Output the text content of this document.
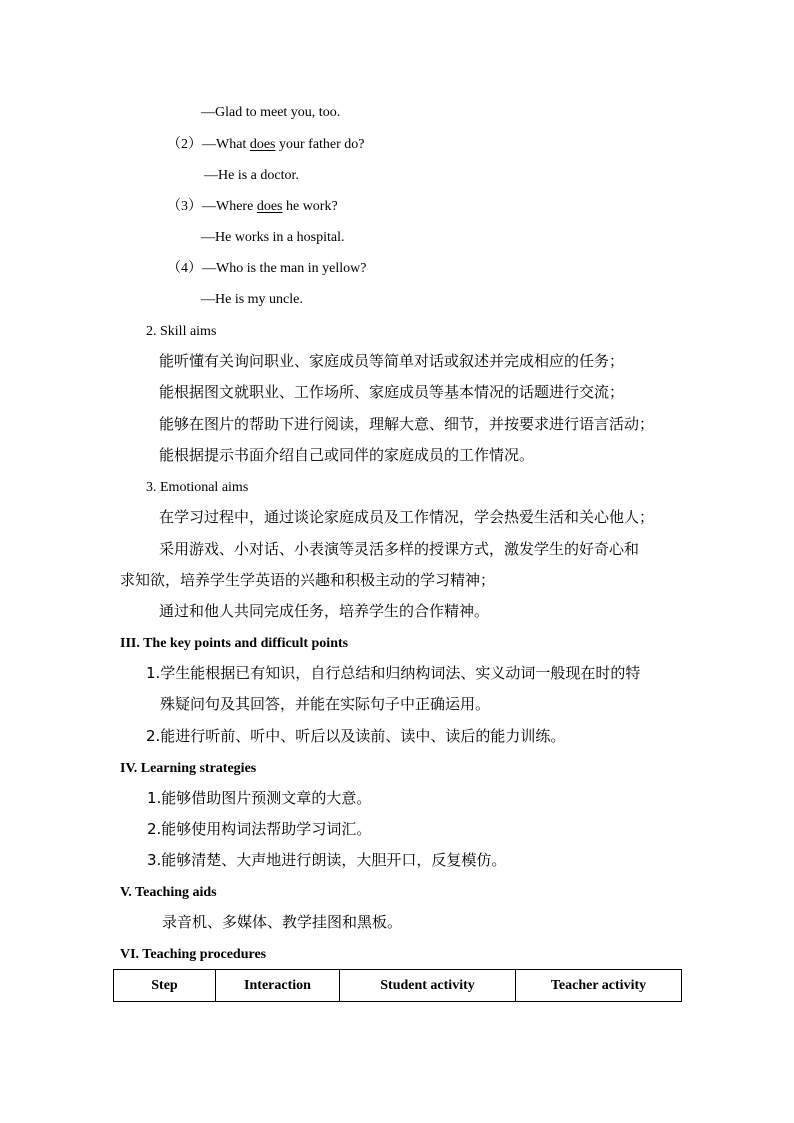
—Glad to meet you, too.
（2）—What does your father do?
—He is a doctor.
（3）—Where does he work?
—He works in a hospital.
（4）—Who is the man in yellow?
—He is my uncle.
2. Skill aims
能听懂有关询问职业、家庭成员等简单对话或叙述并完成相应的任务；
能根据图文就职业、工作场所、家庭成员等基本情况的话题进行交流；
能够在图片的帮助下进行阅读，理解大意、细节，并按要求进行语言活动；
能根据提示书面介绍自己或同伴的家庭成员的工作情况。
3. Emotional aims
在学习过程中，通过谈论家庭成员及工作情况，学会热爱生活和关心他人；
采用游戏、小对话、小表演等灵活多样的授课方式，激发学生的好奇心和
求知欲，培养学生学英语的兴趣和积极主动的学习精神；
通过和他人共同完成任务，培养学生的合作精神。
III. The key points and difficult points
1.学生能根据已有知识，自行总结和归纳构词法、实义动词一般现在时的特
殊疑问句及其回答，并能在实际句子中正确运用。
2.能进行听前、听中、听后以及读前、读中、读后的能力训练。
IV. Learning strategies
1.能够借助图片预测文章的大意。
2.能够使用构词法帮助学习词汇。
3.能够清楚、大声地进行朗读，大胆开口，反复模仿。
V. Teaching aids
录音机、多媒体、教学挂图和黑板。
VI. Teaching procedures
Step	Interaction	Student activity	Teacher activity
